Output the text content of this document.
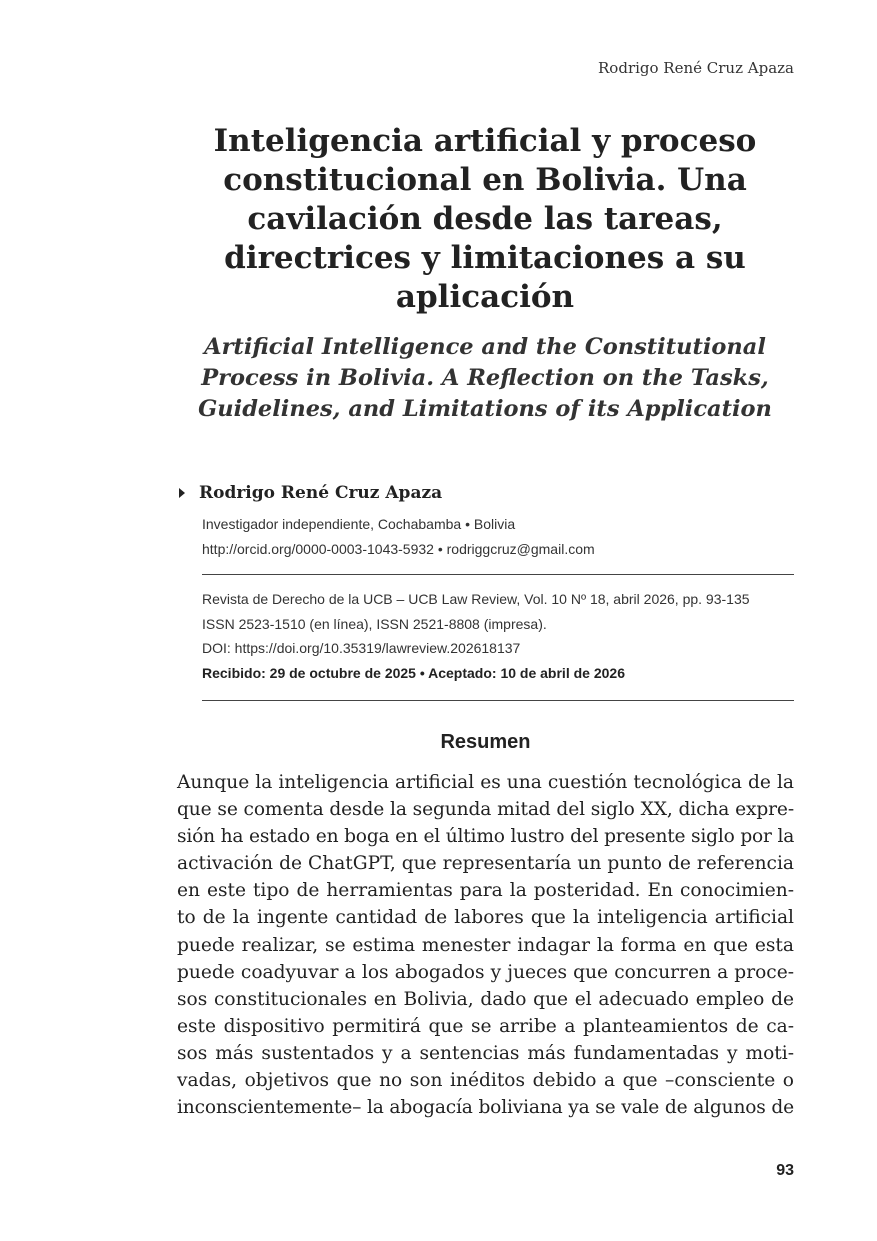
Rodrigo René Cruz Apaza
Inteligencia artificial y proceso constitucional en Bolivia. Una cavilación desde las tareas, directrices y limitaciones a su aplicación
Artificial Intelligence and the Constitutional Process in Bolivia. A Reflection on the Tasks, Guidelines, and Limitations of its Application
Rodrigo René Cruz Apaza
Investigador independiente, Cochabamba • Bolivia
http://orcid.org/0000-0003-1043-5932 • rodriggcruz@gmail.com
Revista de Derecho de la UCB – UCB Law Review, Vol. 10 Nº 18, abril 2026, pp. 93-135
ISSN 2523-1510 (en línea), ISSN 2521-8808 (impresa).
DOI: https://doi.org/10.35319/lawreview.202618137
Recibido: 29 de octubre de 2025 • Aceptado: 10 de abril de 2026
Resumen
Aunque la inteligencia artificial es una cuestión tecnológica de la
que se comenta desde la segunda mitad del siglo XX, dicha expre-
sión ha estado en boga en el último lustro del presente siglo por la
activación de ChatGPT, que representaría un punto de referencia
en este tipo de herramientas para la posteridad. En conocimien-
to de la ingente cantidad de labores que la inteligencia artificial
puede realizar, se estima menester indagar la forma en que esta
puede coadyuvar a los abogados y jueces que concurren a proce-
sos constitucionales en Bolivia, dado que el adecuado empleo de
este dispositivo permitirá que se arribe a planteamientos de ca-
sos más sustentados y a sentencias más fundamentadas y moti-
vadas, objetivos que no son inéditos debido a que –consciente o
inconscientemente– la abogacía boliviana ya se vale de algunos de
93
